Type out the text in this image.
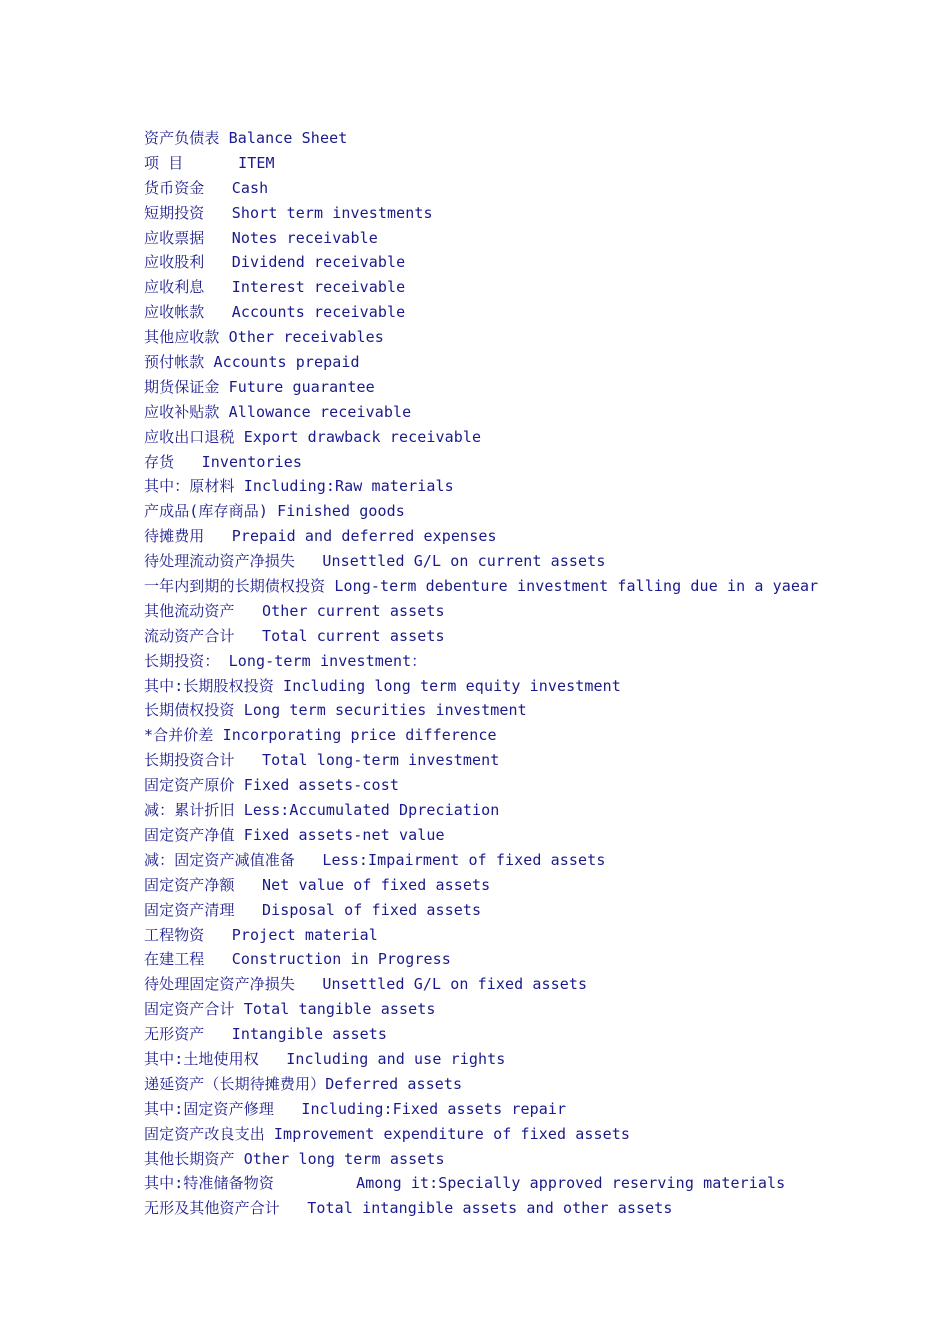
资产负债表 Balance Sheet
项 目      ITEM
货币资金   Cash
短期投资   Short term investments
应收票据   Notes receivable
应收股利   Dividend receivable
应收利息   Interest receivable
应收帐款   Accounts receivable
其他应收款 Other receivables
预付帐款 Accounts prepaid
期货保证金 Future guarantee
应收补贴款 Allowance receivable
应收出口退税 Export drawback receivable
存货   Inventories
其中：原材料 Including:Raw materials
产成品(库存商品) Finished goods
待摊费用   Prepaid and deferred expenses
待处理流动资产净损失   Unsettled G/L on current assets
一年内到期的长期债权投资 Long-term debenture investment falling due in a yaear
其他流动资产   Other current assets
流动资产合计   Total current assets
长期投资： Long-term investment：
其中:长期股权投资 Including long term equity investment
长期债权投资 Long term securities investment
*合并价差 Incorporating price difference
长期投资合计   Total long-term investment
固定资产原价 Fixed assets-cost
减：累计折旧 Less:Accumulated Dpreciation
固定资产净值 Fixed assets-net value
减：固定资产减值准备   Less:Impairment of fixed assets
固定资产净额   Net value of fixed assets
固定资产清理   Disposal of fixed assets
工程物资   Project material
在建工程   Construction in Progress
待处理固定资产净损失   Unsettled G/L on fixed assets
固定资产合计 Total tangible assets
无形资产   Intangible assets
其中:土地使用权   Including and use rights
递延资产（长期待摊费用）Deferred assets
其中:固定资产修理   Including:Fixed assets repair
固定资产改良支出 Improvement expenditure of fixed assets
其他长期资产 Other long term assets
其中:特准储备物资         Among it:Specially approved reserving materials
无形及其他资产合计   Total intangible assets and other assets
